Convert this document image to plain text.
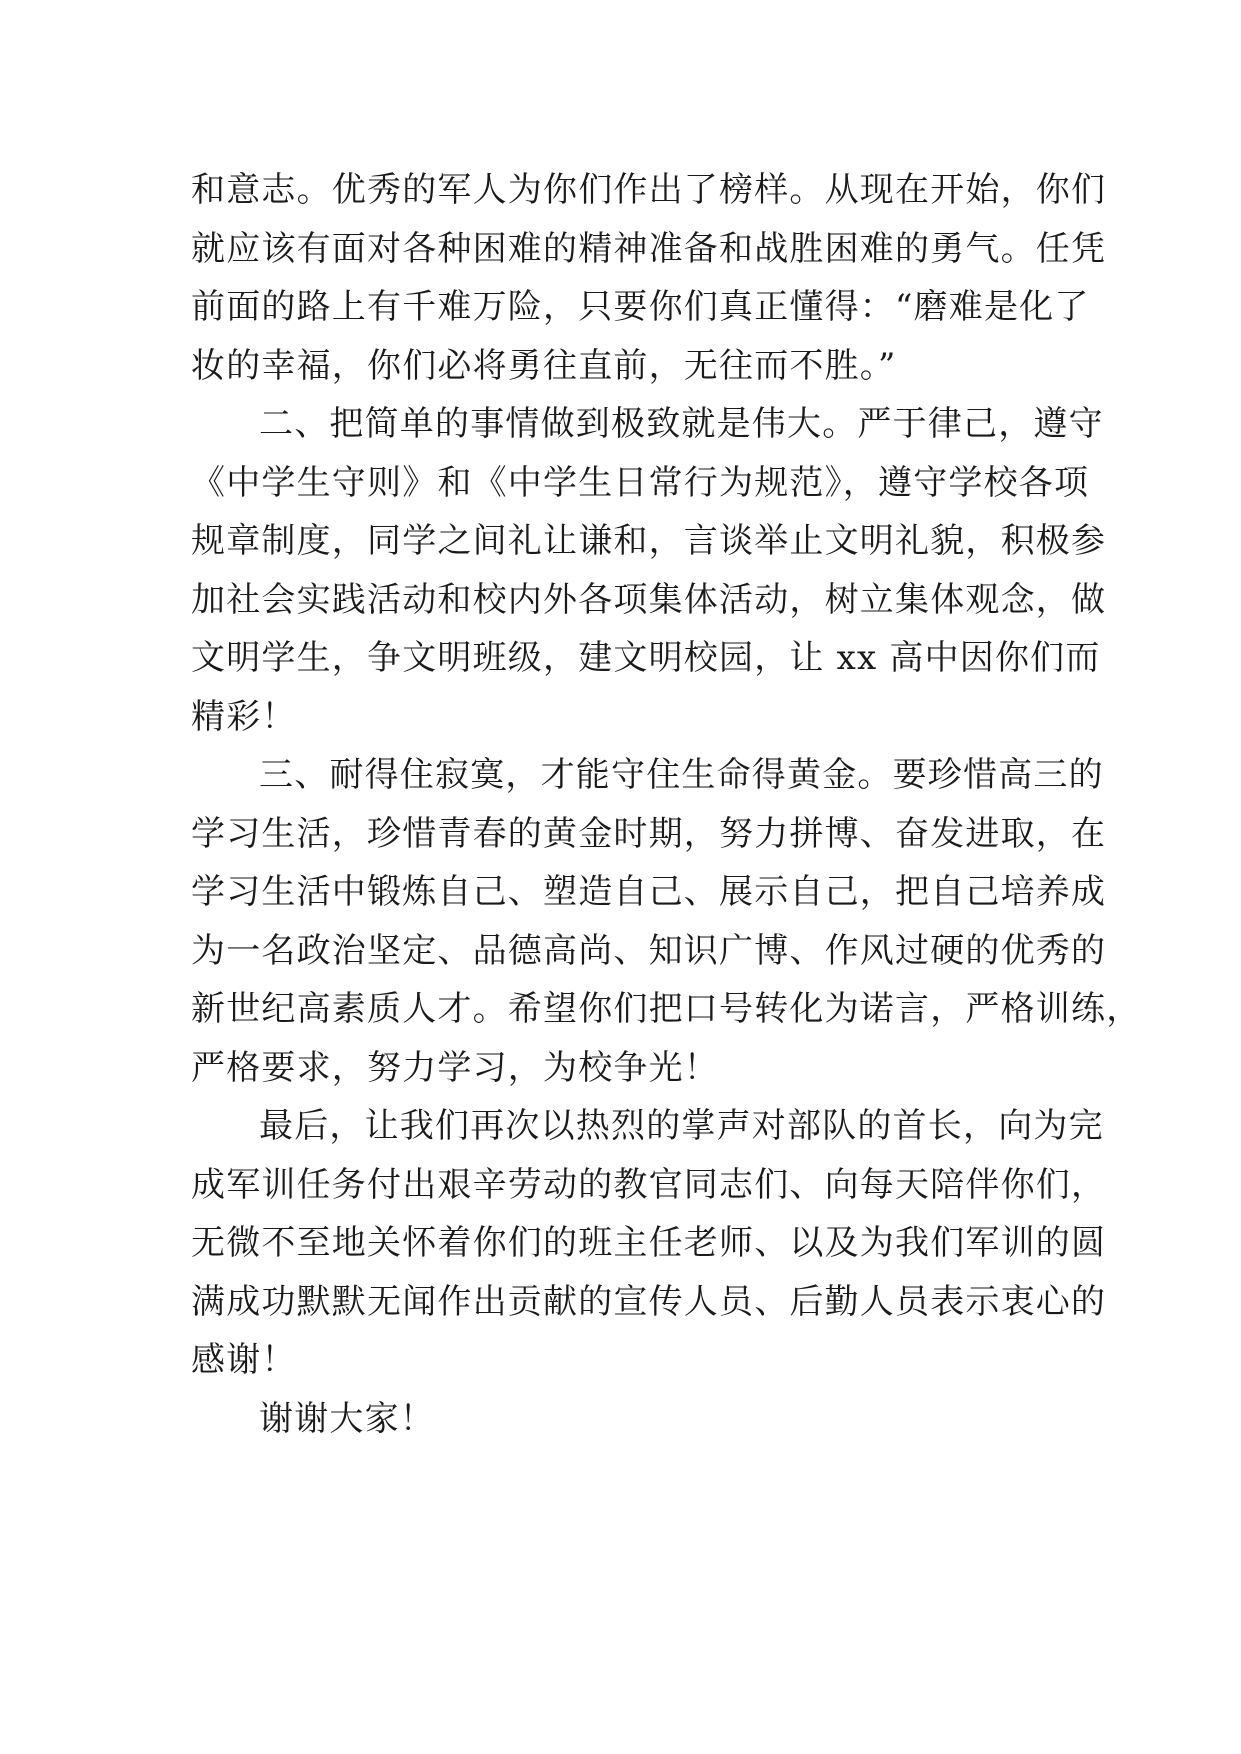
和意志。优秀的军人为你们作出了榜样。从现在开始，你们
就应该有面对各种困难的精神准备和战胜困难的勇气。任凭
前面的路上有千难万险，只要你们真正懂得：“磨难是化了
妆的幸福，你们必将勇往直前，无往而不胜。”
二、把简单的事情做到极致就是伟大。严于律己，遵守
《中学生守则》和《中学生日常行为规范》，遵守学校各项
规章制度，同学之间礼让谦和，言谈举止文明礼貌，积极参
加社会实践活动和校内外各项集体活动，树立集体观念，做
文明学生，争文明班级，建文明校园，让 xx 高中因你们而
精彩！
三、耐得住寂寞，才能守住生命得黄金。要珍惜高三的
学习生活，珍惜青春的黄金时期，努力拼博、奋发进取，在
学习生活中锻炼自己、塑造自己、展示自己，把自己培养成
为一名政治坚定、品德高尚、知识广博、作风过硬的优秀的
新世纪高素质人才。希望你们把口号转化为诺言，严格训练，
严格要求，努力学习，为校争光！
最后，让我们再次以热烈的掌声对部队的首长，向为完
成军训任务付出艰辛劳动的教官同志们、向每天陪伴你们，
无微不至地关怀着你们的班主任老师、以及为我们军训的圆
满成功默默无闻作出贡献的宣传人员、后勤人员表示衷心的
感谢！
谢谢大家！
